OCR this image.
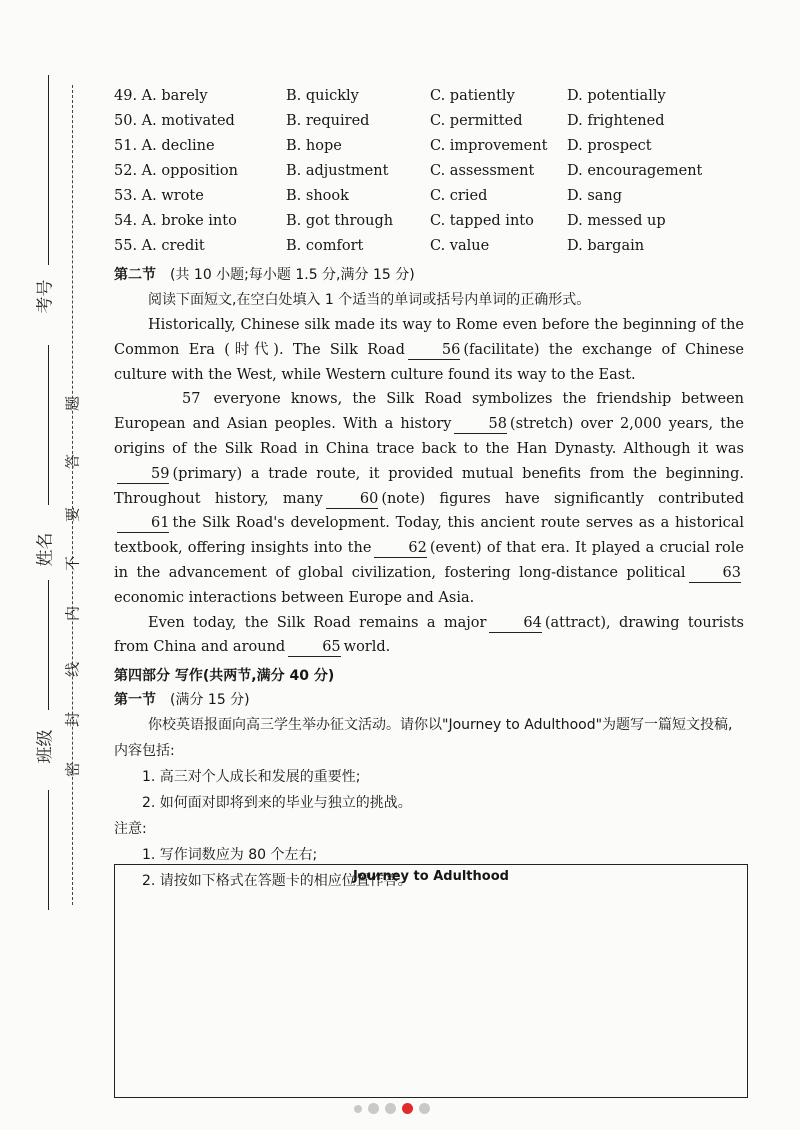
考号
姓名
班级
密
封
线
内
不
要
答
题
49. A. barely	B. quickly	C. patiently	D. potentially
50. A. motivated	B. required	C. permitted	D. frightened
51. A. decline	B. hope	C. improvement D. prospect
52. A. opposition	B. adjustment	C. assessment D. encouragement
53. A. wrote	B. shook	C. cried	D. sang
54. A. broke into	B. got through	C. tapped into D. messed up
55. A. credit	B. comfort	C. value	D. bargain

第二节 (共 10 小题;每小题 1.5 分,满分 15 分)

阅读下面短文,在空白处填入 1 个适当的单词或括号内单词的正确形式。

Historically, Chinese silk made its way to Rome even before the beginning of the Common Era (时代). The Silk Road	56 (facilitate) the exchange of Chinese culture with the West, while Western culture found its way to the East.

57 everyone knows, the Silk Road symbolizes the friendship between European and Asian peoples. With a history	58 (stretch) over 2,000 years, the origins of the Silk Road in China trace back to the Han Dynasty. Although it was59 (primary) a trade route, it provided mutual benefits from the beginning. Throughout history, many	60 (note) figures have significantly contributed61 the Silk Road's development. Today, this ancient route serves as a historical textbook, offering insights into the	62 (event) of that era. It played a crucial role in the advancement of global civilization, fostering long-distance political	63economic interactions between Europe and Asia.

Even today, the Silk Road remains a major	64 (attract), drawing tourists from China and around	65 world.

第四部分 写作(共两节,满分 40 分)

第一节 (满分 15 分)

你校英语报面向高三学生举办征文活动。请你以"Journey to Adulthood"为题写一篇短文投稿,内容包括:

1. 高三对个人成长和发展的重要性;

2. 如何面对即将到来的毕业与独立的挑战。

注意:

1. 写作词数应为 80 个左右;

2. 请按如下格式在答题卡的相应位置作答。

Journey to Adulthood
